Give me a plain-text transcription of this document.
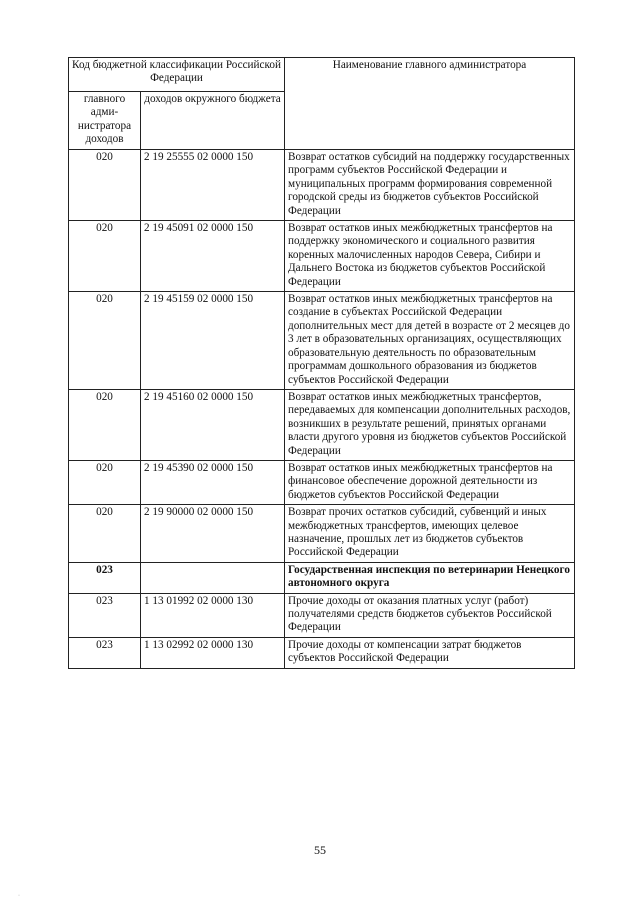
Код бюджетной классификации Российской Федерации		Наименование главного администратора
главного адми-нистратора доходов	доходов окружного бюджета	
020	2 19 25555 02 0000 150	Возврат остатков субсидий на поддержку государственных программ субъектов Российской Федерации и муниципальных программ формирования современной городской среды из бюджетов субъектов Российской Федерации
020	2 19 45091 02 0000 150	Возврат остатков иных межбюджетных трансфертов на поддержку экономического и социального развития коренных малочисленных народов Севера, Сибири и Дальнего Востока из бюджетов субъектов Российской Федерации
020	2 19 45159 02 0000 150	Возврат остатков иных межбюджетных трансфертов на создание в субъектах Российской Федерации дополнительных мест для детей в возрасте от 2 месяцев до 3 лет в образовательных организациях, осуществляющих образовательную деятельность по образовательным программам дошкольного образования из бюджетов субъектов Российской Федерации
020	2 19 45160 02 0000 150	Возврат остатков иных межбюджетных трансфертов, передаваемых для компенсации дополнительных расходов, возникших в результате решений, принятых органами власти другого уровня из бюджетов субъектов Российской Федерации
020	2 19 45390 02 0000 150	Возврат остатков иных межбюджетных трансфертов на финансовое обеспечение дорожной деятельности из бюджетов субъектов Российской Федерации
020	2 19 90000 02 0000 150	Возврат прочих остатков субсидий, субвенций и иных межбюджетных трансфертов, имеющих целевое назначение, прошлых лет из бюджетов субъектов Российской Федерации
023		Государственная инспекция по ветеринарии Ненецкого автономного округа
023	1 13 01992 02 0000 130	Прочие доходы от оказания платных услуг (работ) получателями средств бюджетов субъектов Российской Федерации
023	1 13 02992 02 0000 130	Прочие доходы от компенсации затрат бюджетов субъектов Российской Федерации
55
·
